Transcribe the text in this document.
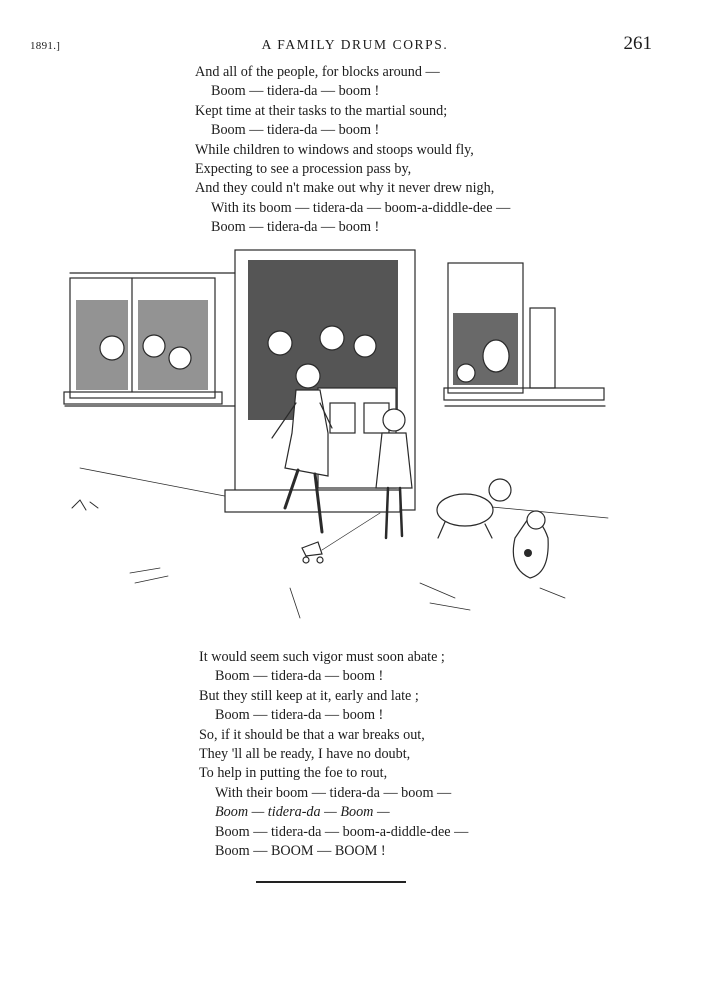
1891.]	A FAMILY DRUM CORPS.	261
And all of the people, for blocks around —
Boom — tidera-da — boom !
Kept time at their tasks to the martial sound;
Boom — tidera-da — boom !
While children to windows and stoops would fly,
Expecting to see a procession pass by,
And they could n't make out why it never drew nigh,
With its boom — tidera-da — boom-a-diddle-dee —
Boom — tidera-da — boom !
It would seem such vigor must soon abate ;
Boom — tidera-da — boom !
But they still keep at it, early and late ;
Boom — tidera-da — boom !
So, if it should be that a war breaks out,
They 'll all be ready, I have no doubt,
To help in putting the foe to rout,
With their boom — tidera-da — boom —
Boom — tidera-da — Boom —
Boom — tidera-da — boom-a-diddle-dee —
Boom — BOOM — BOOM !
